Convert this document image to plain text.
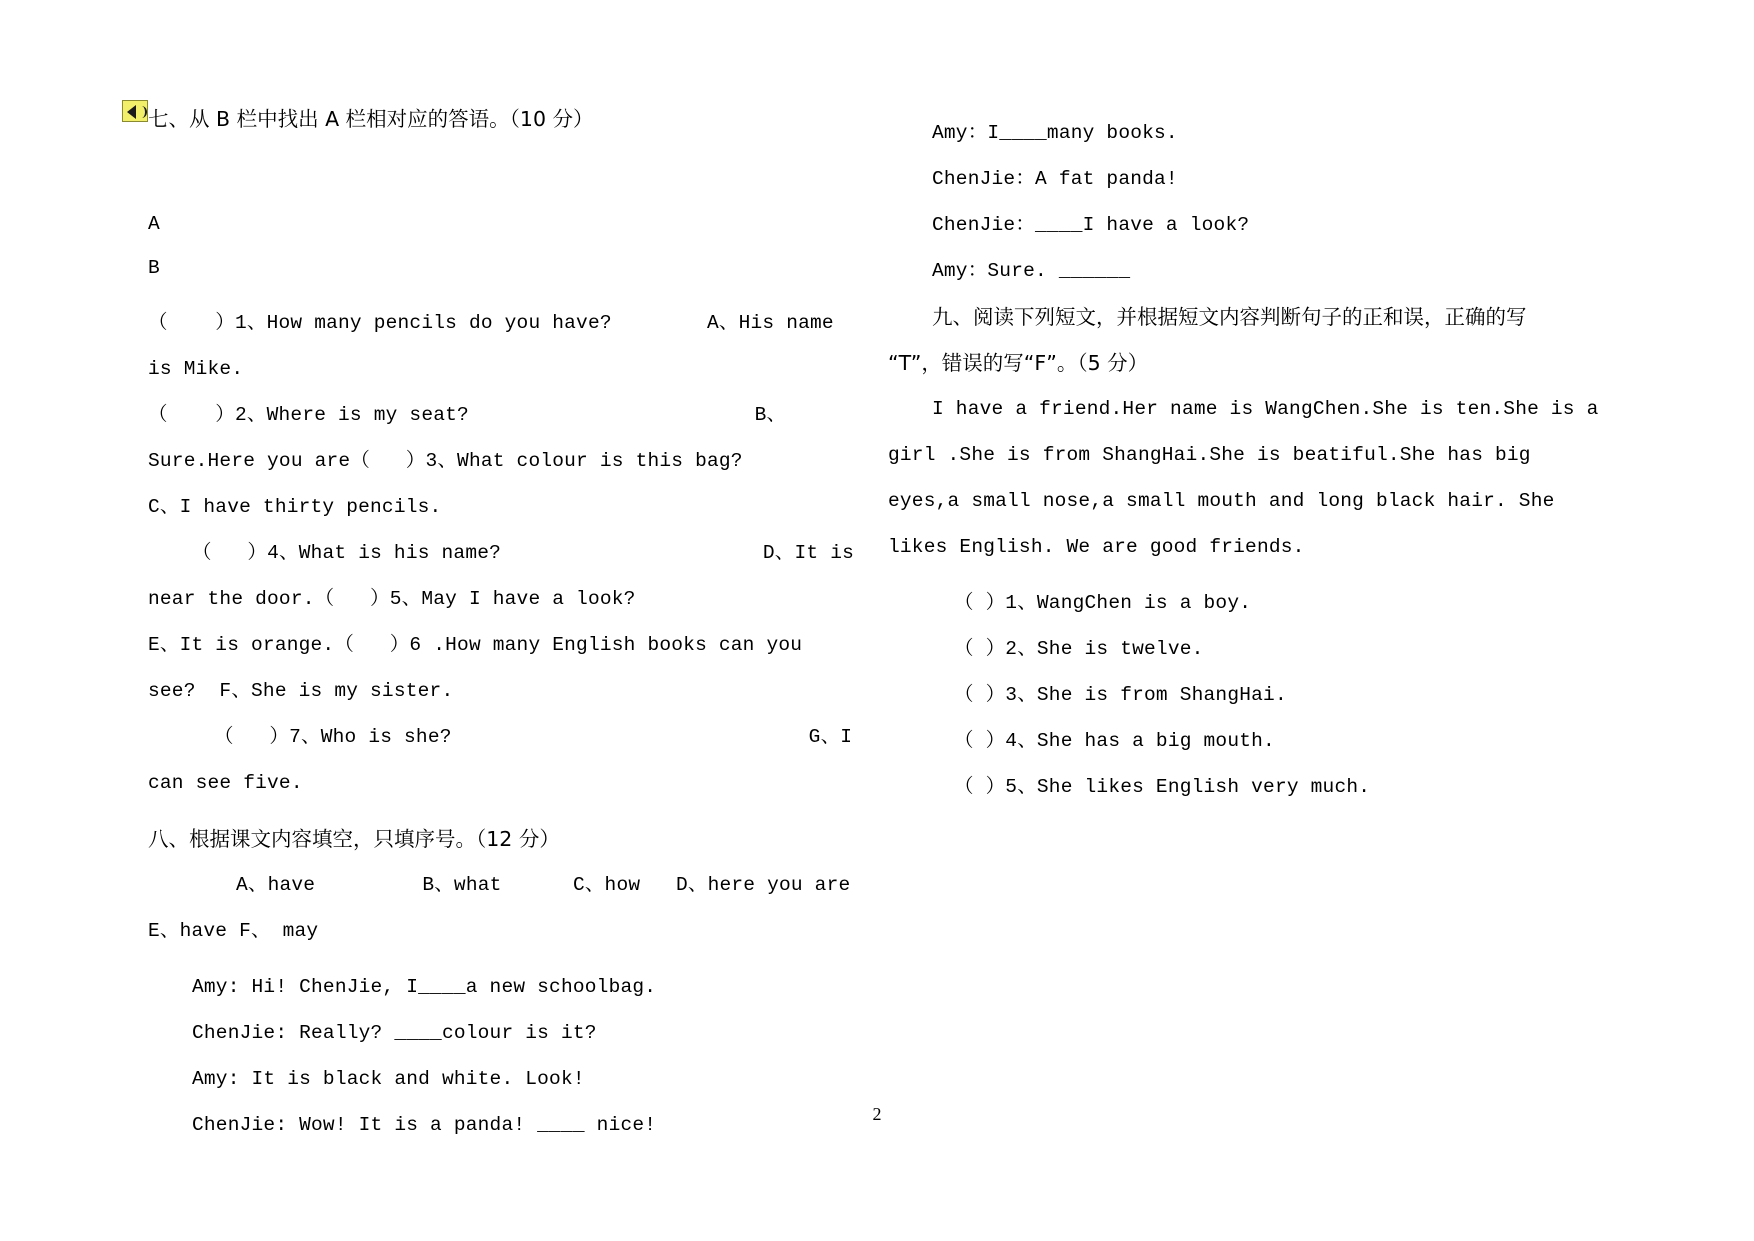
七、从 B 栏中找出 A 栏相对应的答语。（10 分）
A
B
（    ）1、How many pencils do you have?        A、His name is Mike.
（    ）2、Where is my seat?                        B、Sure.Here you are（   ）3、What colour is this bag?                C、I have thirty pencils.
（   ）4、What is his name?                      D、It is near the door.（   ）5、May I have a look?                        E、It is orange.（   ）6 .How many English books can you see?  F、She is my sister.
（   ）7、Who is she?                              G、I can see five.
八、根据课文内容填空，只填序号。（12 分）
A、have         B、what      C、how   D、here you are   E、have F、 may
Amy: Hi! ChenJie, I____a new schoolbag.
ChenJie: Really? ____colour is it?
Amy: It is black and white. Look!
ChenJie: Wow! It is a panda! ____ nice!
Amy：I____many books.
ChenJie：A fat panda!
ChenJie：____I have a look?
Amy：Sure. ______
九、阅读下列短文，并根据短文内容判断句子的正和误，正确的写
“T”，错误的写“F”。（5 分）
I have a friend.Her name is WangChen.She is ten.She is a girl .She is from ShangHai.She is beatiful.She has big eyes,a small nose,a small mouth and long black hair. She likes English. We are good friends.
（ ）1、WangChen is a boy.
（ ）2、She is twelve.
（ ）3、She is from ShangHai.
（ ）4、She has a big mouth.
（ ）5、She likes English very much.
2
